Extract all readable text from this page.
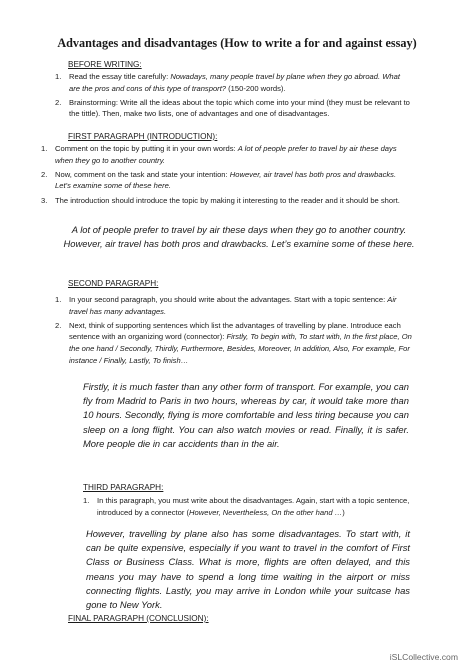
Advantages and disadvantages (How to write a for and against essay)
BEFORE WRITING:
1. Read the essay title carefully: Nowadays, many people travel by plane when they go abroad. What are the pros and cons of this type of transport? (150-200 words).
2. Brainstorming: Write all the ideas about the topic which come into your mind (they must be relevant to the tittle). Then, make two lists, one of advantages and one of disadvantages.
FIRST PARAGRAPH (INTRODUCTION):
1. Comment on the topic by putting it in your own words: A lot of people prefer to travel by air these days when they go to another country.
2. Now, comment on the task and state your intention: However, air travel has both pros and drawbacks. Let’s examine some of these here.
3. The introduction should introduce the topic by making it interesting to the reader and it should be short.
A lot of people prefer to travel by air these days when they go to another country. However, air travel has both pros and drawbacks. Let’s examine some of these here.
SECOND PARAGRAPH:
1. In your second paragraph, you should write about the advantages. Start with a topic sentence: Air travel has many advantages.
2. Next, think of supporting sentences which list the advantages of travelling by plane. Introduce each sentence with an organizing word (connector): Firstly, To begin with, To start with, In the first place, On the one hand / Secondly, Thirdly, Furthermore, Besides, Moreover, In addition, Also, For example, For instance / Finally, Lastly, To finish…
Firstly, it is much faster than any other form of transport. For example, you can fly from Madrid to Paris in two hours, whereas by car, it would take more than 10 hours. Secondly, flying is more comfortable and less tiring because you can sleep on a long flight. You can also watch movies or read. Finally, it is safer. More people die in car accidents than in the air.
THIRD PARAGRAPH:
1. In this paragraph, you must write about the disadvantages. Again, start with a topic sentence, introduced by a connector (However, Nevertheless, On the other hand …)
However, travelling by plane also has some disadvantages. To start with, it can be quite expensive, especially if you want to travel in the comfort of First Class or Business Class. What is more, flights are often delayed, and this means you may have to spend a long time waiting in the airport or miss connecting flights. Lastly, you may arrive in London while your suitcase has gone to New York.
FINAL PARAGRAPH (CONCLUSION):
iSLCollective.com
